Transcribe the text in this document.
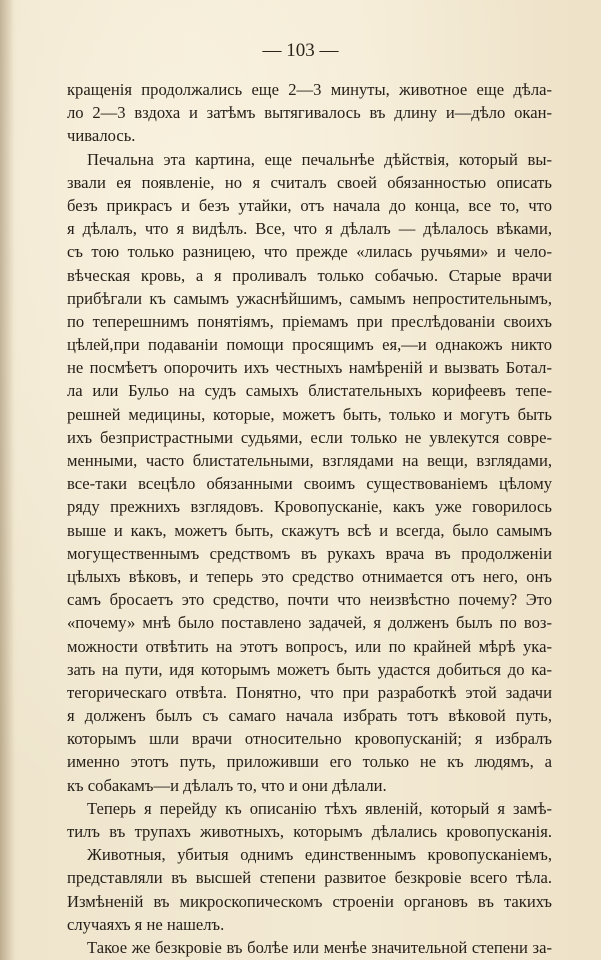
— 103 —
кращенія продолжались еще 2—3 минуты, животное еще дѣла-
ло 2—3 вздоха и затѣмъ вытягивалось въ длину и—дѣло окан-
чивалось.
Печальна эта картина, еще печальнѣе дѣйствія, который вы-
звали ея появленіе, но я считалъ своей обязанностью описать
безъ прикрасъ и безъ утайки, отъ начала до конца, все то, что
я дѣлалъ, что я видѣлъ. Все, что я дѣлалъ — дѣлалось вѣками,
съ тою только разницею, что прежде «лилась ручьями» и чело-
вѣческая кровь, а я проливалъ только собачью. Старые врачи
прибѣгали къ самымъ ужаснѣйшимъ, самымъ непростительнымъ,
по теперешнимъ понятіямъ, пріемамъ при преслѣдованіи своихъ
цѣлей,при подаваніи помощи просящимъ ея,—и однакожъ никто
не посмѣетъ опорочить ихъ честныхъ намѣреній и вызвать Ботал-
ла или Бульо на судъ самыхъ блистательныхъ корифеевъ тепе-
решней медицины, которые, можетъ быть, только и могутъ быть
ихъ безпристрастными судьями, если только не увлекутся совре-
менными, часто блистательными, взглядами на вещи, взглядами,
все-таки всецѣло обязанными своимъ существованіемъ цѣлому
ряду прежнихъ взглядовъ. Кровопусканіе, какъ уже говорилось
выше и какъ, можетъ быть, скажутъ всѣ и всегда, было самымъ
могущественнымъ средствомъ въ рукахъ врача въ продолженіи
цѣлыхъ вѣковъ, и теперь это средство отнимается отъ него, онъ
самъ бросаетъ это средство, почти что неизвѣстно почему? Это
«почему» мнѣ было поставлено задачей, я долженъ былъ по воз-
можности отвѣтить на этотъ вопросъ, или по крайней мѣрѣ ука-
зать на пути, идя которымъ можетъ быть удастся добиться до ка-
тегорическаго отвѣта. Понятно, что при разработкѣ этой задачи
я долженъ былъ съ самаго начала избрать тотъ вѣковой путь,
которымъ шли врачи относительно кровопусканій; я избралъ
именно этотъ путь, приложивши его только не къ людямъ, а
къ собакамъ—и дѣлалъ то, что и они дѣлали.
Теперь я перейду къ описанію тѣхъ явленій, который я замѣ-
тилъ въ трупахъ животныхъ, которымъ дѣлались кровопусканія.
Животныя, убитыя однимъ единственнымъ кровопусканіемъ,
представляли въ высшей степени развитое безкровіе всего тѣла.
Измѣненій въ микроскопическомъ строеніи органовъ въ такихъ
случаяхъ я не нашелъ.
Такое же безкровіе въ болѣе или менѣе значительной степени за-
